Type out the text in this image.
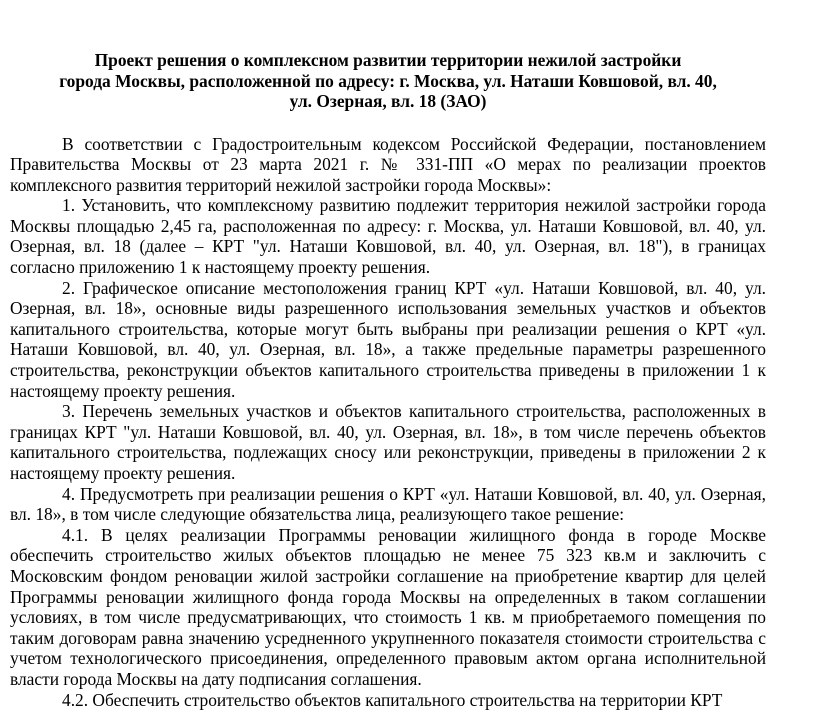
Проект решения о комплексном развитии территории нежилой застройки
города Москвы, расположенной по адресу: г. Москва, ул. Наташи Ковшовой, вл. 40,
ул. Озерная, вл. 18 (ЗАО)

В соответствии с Градостроительным кодексом Российской Федерации, постановлением Правительства Москвы от 23 марта 2021 г. № 331-ПП «О мерах по реализации проектов комплексного развития территорий нежилой застройки города Москвы»:

1. Установить, что комплексному развитию подлежит территория нежилой застройки города Москвы площадью 2,45 га, расположенная по адресу: г. Москва, ул. Наташи Ковшовой, вл. 40, ул. Озерная, вл. 18 (далее – КРТ "ул. Наташи Ковшовой, вл. 40, ул. Озерная, вл. 18"), в границах согласно приложению 1 к настоящему проекту решения.

2. Графическое описание местоположения границ КРТ «ул. Наташи Ковшовой, вл. 40, ул. Озерная, вл. 18», основные виды разрешенного использования земельных участков и объектов капитального строительства, которые могут быть выбраны при реализации решения о КРТ «ул. Наташи Ковшовой, вл. 40, ул. Озерная, вл. 18», а также предельные параметры разрешенного строительства, реконструкции объектов капитального строительства приведены в приложении 1 к настоящему проекту решения.

3. Перечень земельных участков и объектов капитального строительства, расположенных в границах КРТ "ул. Наташи Ковшовой, вл. 40, ул. Озерная, вл. 18», в том числе перечень объектов капитального строительства, подлежащих сносу или реконструкции, приведены в приложении 2 к настоящему проекту решения.

4. Предусмотреть при реализации решения о КРТ «ул. Наташи Ковшовой, вл. 40, ул. Озерная, вл. 18», в том числе следующие обязательства лица, реализующего такое решение:

4.1. В целях реализации Программы реновации жилищного фонда в городе Москве обеспечить строительство жилых объектов площадью не менее 75 323 кв.м и заключить с Московским фондом реновации жилой застройки соглашение на приобретение квартир для целей Программы реновации жилищного фонда города Москвы на определенных в таком соглашении условиях, в том числе предусматривающих, что стоимость 1 кв. м приобретаемого помещения по таким договорам равна значению усредненного укрупненного показателя стоимости строительства с учетом технологического присоединения, определенного правовым актом органа исполнительной власти города Москвы на дату подписания соглашения.

4.2. Обеспечить строительство объектов капитального строительства на территории КРТ
